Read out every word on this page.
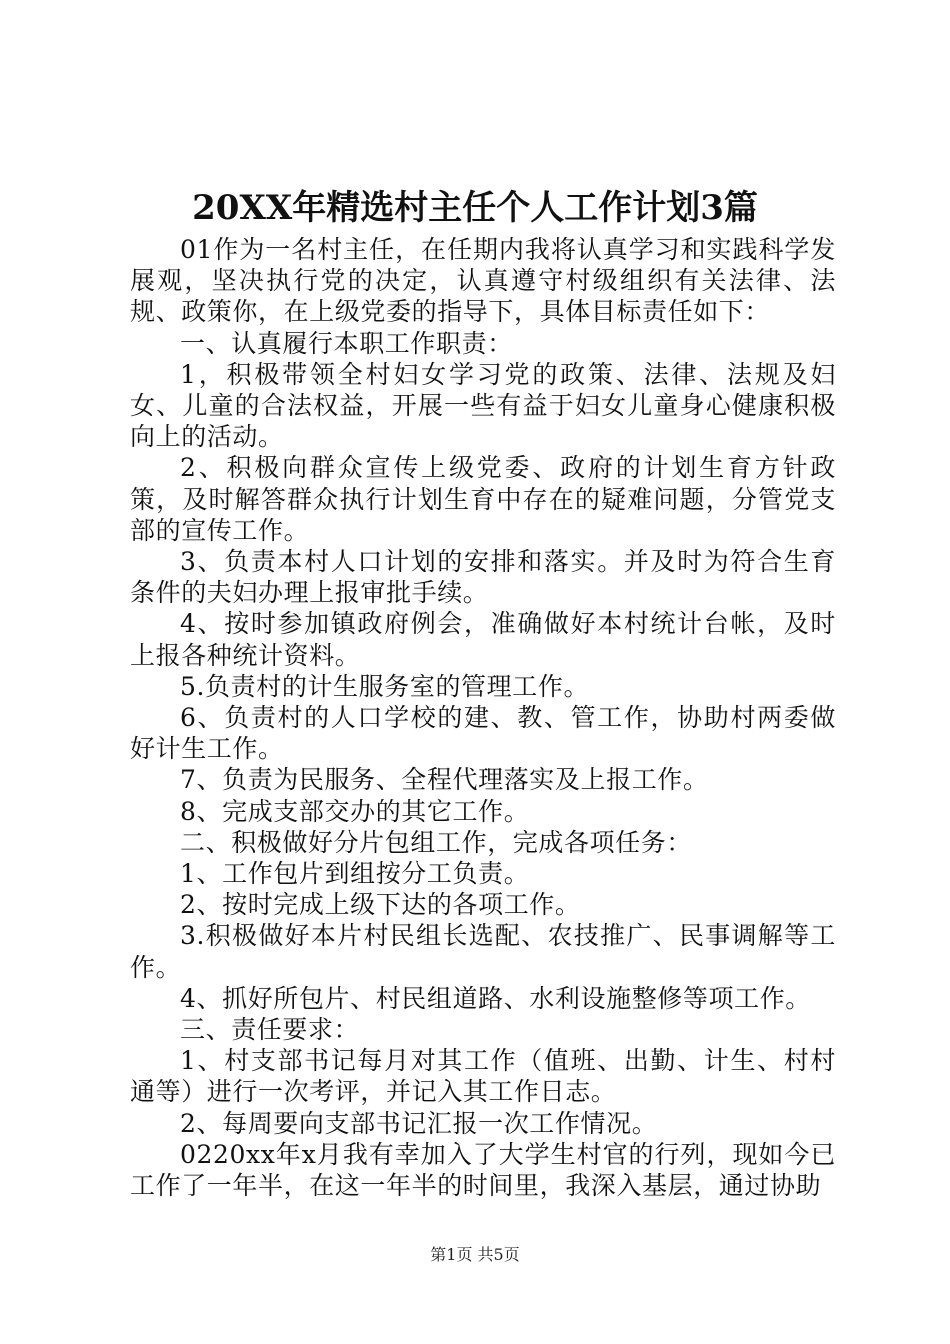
20XX年精选村主任个人工作计划3篇

01作为一名村主任，在任期内我将认真学习和实践科学发展观，坚决执行党的决定，认真遵守村级组织有关法律、法规、政策你，在上级党委的指导下，具体目标责任如下：

一、认真履行本职工作职责：

1，积极带领全村妇女学习党的政策、法律、法规及妇女、儿童的合法权益，开展一些有益于妇女儿童身心健康积极向上的活动。

2、积极向群众宣传上级党委、政府的计划生育方针政策，及时解答群众执行计划生育中存在的疑难问题，分管党支部的宣传工作。

3、负责本村人口计划的安排和落实。并及时为符合生育条件的夫妇办理上报审批手续。

4、按时参加镇政府例会，准确做好本村统计台帐，及时上报各种统计资料。

5.负责村的计生服务室的管理工作。

6、负责村的人口学校的建、教、管工作，协助村两委做好计生工作。

7、负责为民服务、全程代理落实及上报工作。

8、完成支部交办的其它工作。

二、积极做好分片包组工作，完成各项任务：

1、工作包片到组按分工负责。

2、按时完成上级下达的各项工作。

3.积极做好本片村民组长选配、农技推广、民事调解等工作。

4、抓好所包片、村民组道路、水利设施整修等项工作。

三、责任要求：

1、村支部书记每月对其工作（值班、出勤、计生、村村通等）进行一次考评，并记入其工作日志。

2、每周要向支部书记汇报一次工作情况。

0220xx年x月我有幸加入了大学生村官的行列，现如今已工作了一年半，在这一年半的时间里，我深入基层，通过协助

第1页 共5页
